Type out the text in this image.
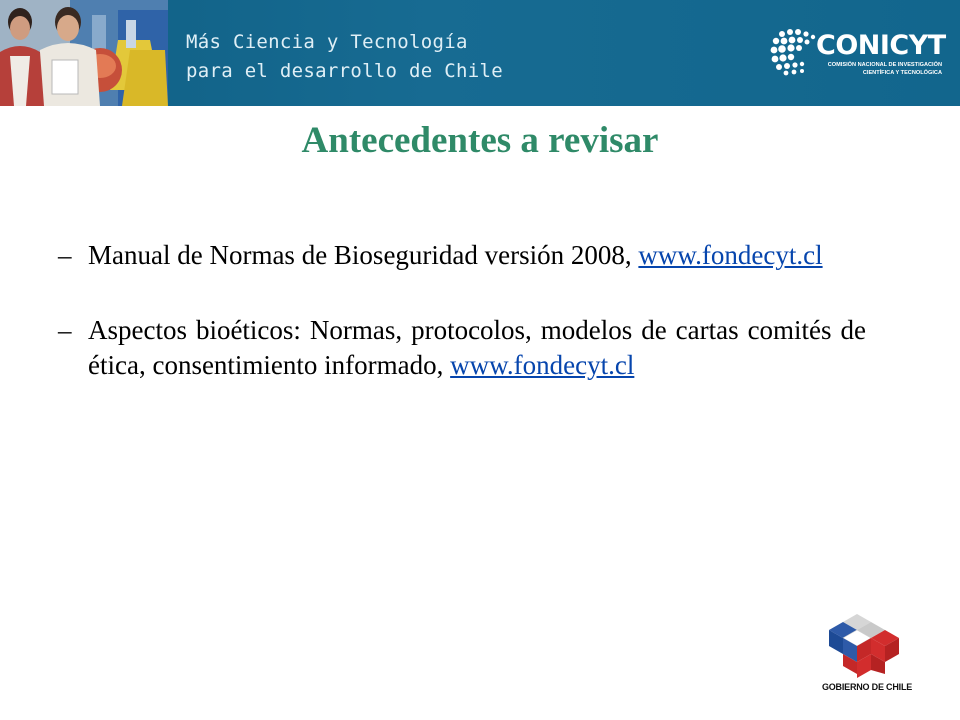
Más Ciencia y Tecnología
para el desarrollo de Chile
CONICYT
COMISIÓN NACIONAL DE INVESTIGACIÓN
CIENTÍFICA Y TECNOLÓGICA
Antecedentes a revisar
– Manual de Normas de Bioseguridad versión 2008, www.fondecyt.cl
– Aspectos bioéticos: Normas, protocolos, modelos de cartas comités de ética, consentimiento informado, www.fondecyt.cl
GOBIERNO DE CHILE
